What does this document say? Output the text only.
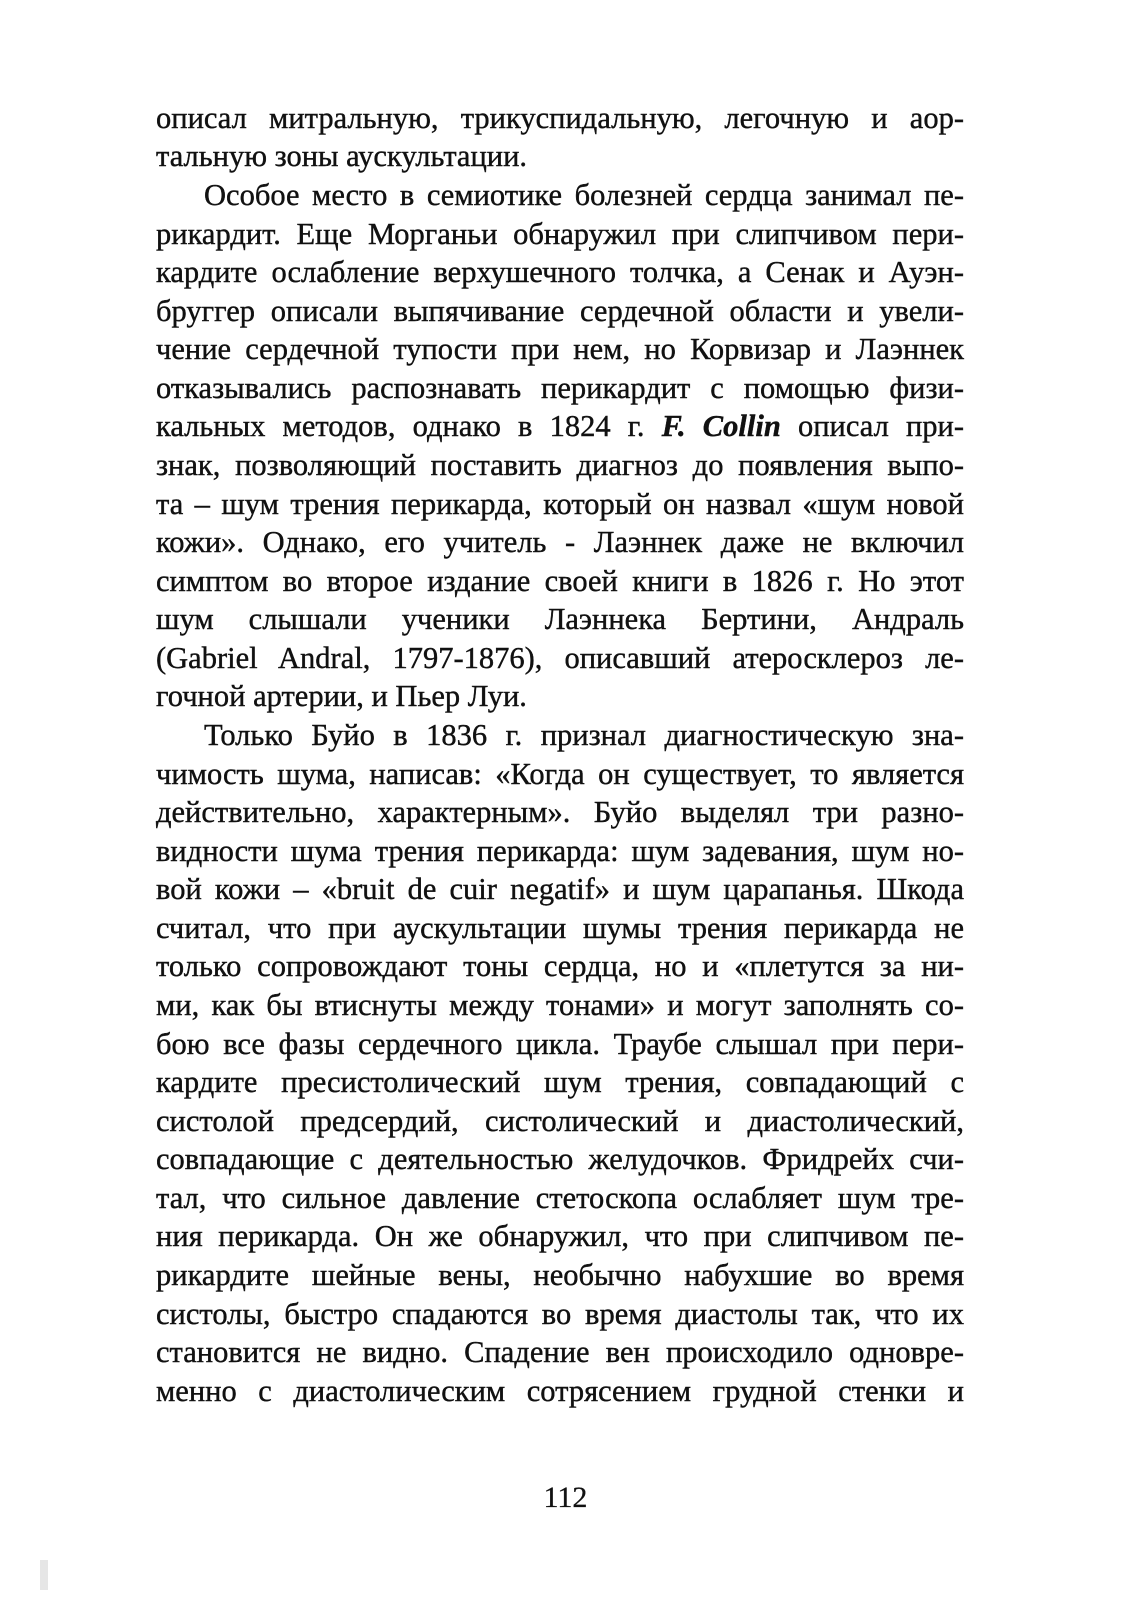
описал митральную, трикуспидальную, легочную и аор-
тальную зоны аускультации.
Особое место в семиотике болезней сердца занимал пе-
рикардит. Еще Морганьи обнаружил при слипчивом пери-
кардите ослабление верхушечного толчка, а Сенак и Ауэн-
бруггер описали выпячивание сердечной области и увели-
чение сердечной тупости при нем, но Корвизар и Лаэннек
отказывались распознавать перикардит с помощью физи-
кальных методов, однако в 1824 г. F. Collin описал при-
знак, позволяющий поставить диагноз до появления выпо-
та – шум трения перикарда, который он назвал «шум новой
кожи». Однако, его учитель - Лаэннек даже не включил
симптом во второе издание своей книги в 1826 г. Но этот
шум слышали ученики Лаэннека Бертини, Андраль
(Gabriel Andral, 1797-1876), описавший атеросклероз ле-
гочной артерии, и Пьер Луи.
Только Буйо в 1836 г. признал диагностическую зна-
чимость шума, написав: «Когда он существует, то является
действительно, характерным». Буйо выделял три разно-
видности шума трения перикарда: шум задевания, шум но-
вой кожи – «bruit de cuir negatif» и шум царапанья. Шкода
считал, что при аускультации шумы трения перикарда не
только сопровождают тоны сердца, но и «плетутся за ни-
ми, как бы втиснуты между тонами» и могут заполнять со-
бою все фазы сердечного цикла. Траубе слышал при пери-
кардите пресистолический шум трения, совпадающий с
систолой предсердий, систолический и диастолический,
совпадающие с деятельностью желудочков. Фридрейх счи-
тал, что сильное давление стетоскопа ослабляет шум тре-
ния перикарда. Он же обнаружил, что при слипчивом пе-
рикардите шейные вены, необычно набухшие во время
систолы, быстро спадаются во время диастолы так, что их
становится не видно. Спадение вен происходило одновре-
менно с диастолическим сотрясением грудной стенки и
112
